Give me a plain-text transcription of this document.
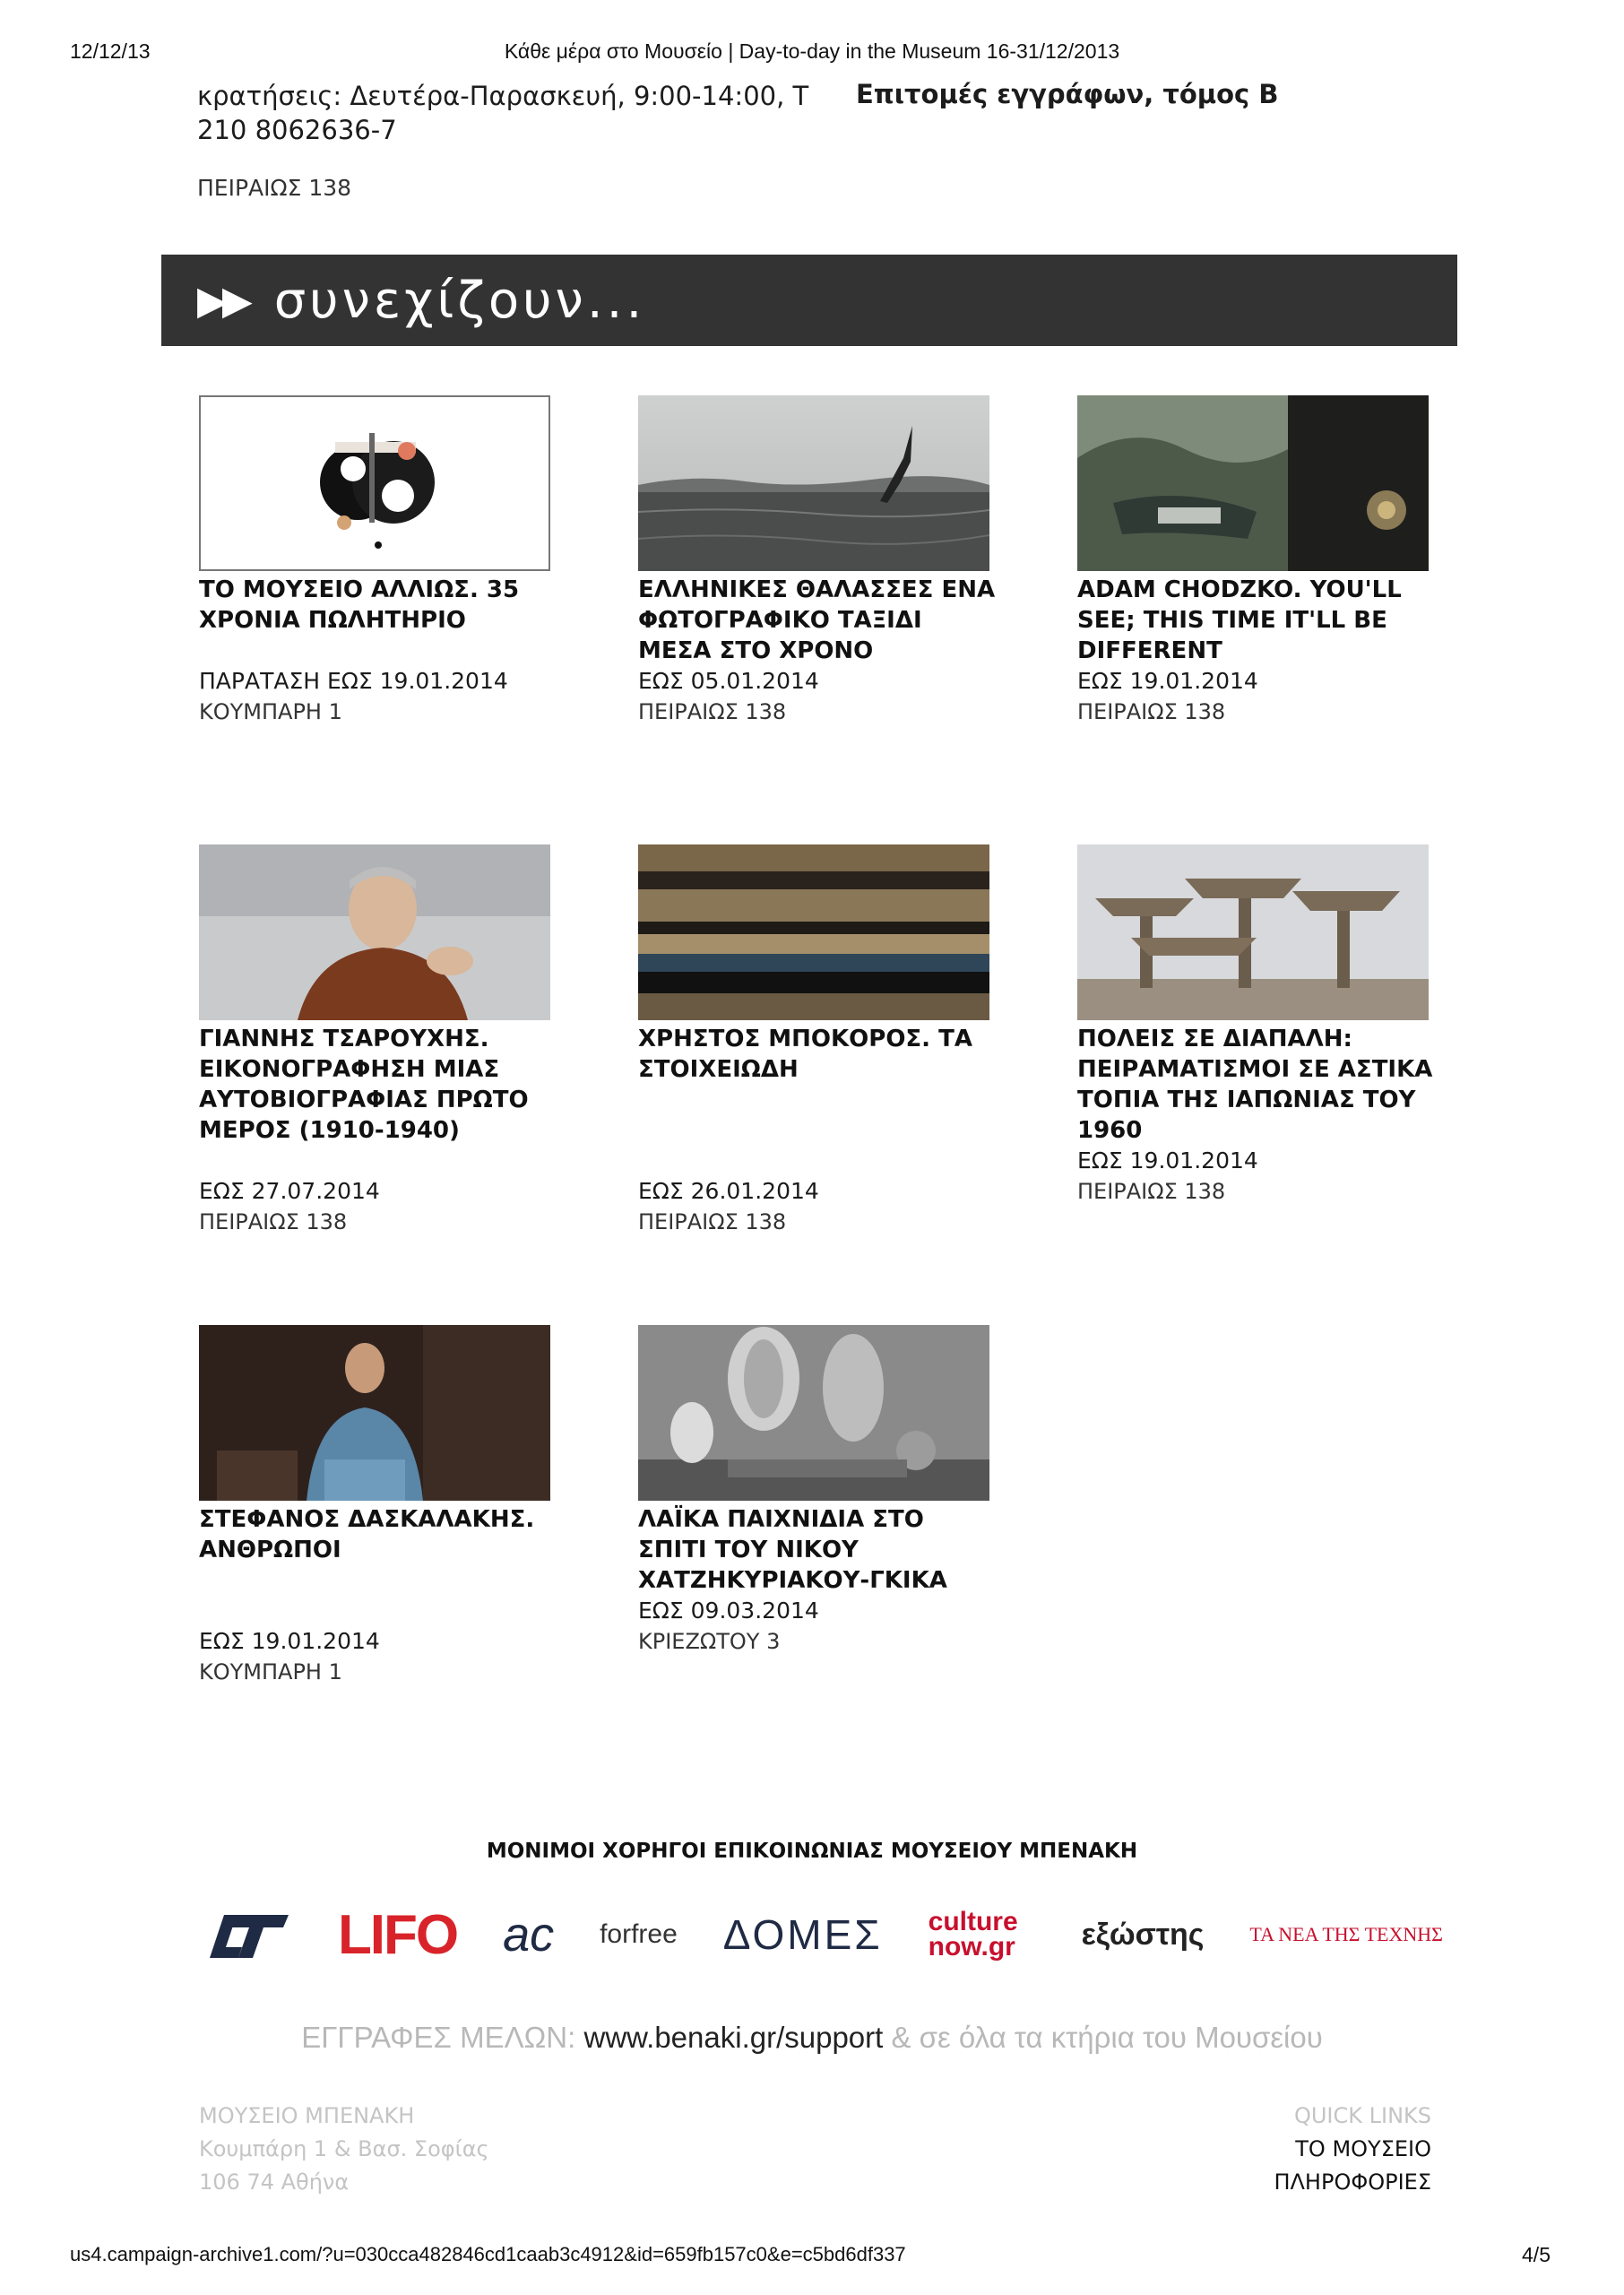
12/12/13	Κάθε μέρα στο Μουσείο | Day-to-day in the Museum 16-31/12/2013
us4.campaign-archive1.com/?u=030cca482846cd1caab3c4912&id=659fb157c0&e=c5bd6df337	4/5
κρατήσεις: Δευτέρα-Παρασκευή, 9:00-14:00, Τ
210 8062636-7
Επιτομές εγγράφων, τόμος Β
ΠΕΙΡΑΙΩΣ 138
▶▶ συνεχίζουν...
ΤΟ ΜΟΥΣΕΙΟ ΑΛΛΙΩΣ. 35 ΧΡΟΝΙΑ ΠΩΛΗΤΗΡΙΟ
ΠΑΡΑΤΑΣΗ ΕΩΣ 19.01.2014
ΚΟΥΜΠΑΡΗ 1
ΕΛΛΗΝΙΚΕΣ ΘΑΛΑΣΣΕΣ ΕΝΑ ΦΩΤΟΓΡΑΦΙΚΟ ΤΑΞΙΔΙ ΜΕΣΑ ΣΤΟ ΧΡΟΝΟ
ΕΩΣ 05.01.2014
ΠΕΙΡΑΙΩΣ 138
ADAM CHODZKO. YOU'LL SEE; THIS TIME IT'LL BE DIFFERENT
ΕΩΣ 19.01.2014
ΠΕΙΡΑΙΩΣ 138
ΓΙΑΝΝΗΣ ΤΣΑΡΟΥΧΗΣ. ΕΙΚΟΝΟΓΡΑΦΗΣΗ ΜΙΑΣ ΑΥΤΟΒΙΟΓΡΑΦΙΑΣ ΠΡΩΤΟ ΜΕΡΟΣ (1910-1940)
ΕΩΣ 27.07.2014
ΠΕΙΡΑΙΩΣ 138
ΧΡΗΣΤΟΣ ΜΠΟΚΟΡΟΣ. ΤΑ ΣΤΟΙΧΕΙΩΔΗ
ΕΩΣ 26.01.2014
ΠΕΙΡΑΙΩΣ 138
ΠΟΛΕΙΣ ΣΕ ΔΙΑΠΑΛΗ: ΠΕΙΡΑΜΑΤΙΣΜΟΙ ΣΕ ΑΣΤΙΚΑ ΤΟΠΙΑ ΤΗΣ ΙΑΠΩΝΙΑΣ ΤΟΥ 1960
ΕΩΣ 19.01.2014
ΠΕΙΡΑΙΩΣ 138
ΣΤΕΦΑΝΟΣ ΔΑΣΚΑΛΑΚΗΣ. ΑΝΘΡΩΠΟΙ
ΕΩΣ 19.01.2014
ΚΟΥΜΠΑΡΗ 1
ΛΑΪΚΑ ΠΑΙΧΝΙΔΙΑ ΣΤΟ ΣΠΙΤΙ ΤΟΥ ΝΙΚΟΥ ΧΑΤΖΗΚΥΡΙΑΚΟΥ-ΓΚΙΚΑ
ΕΩΣ 09.03.2014
ΚΡΙΕΖΩΤΟΥ 3
ΜΟΝΙΜΟΙ ΧΟΡΗΓΟΙ ΕΠΙΚΟΙΝΩΝΙΑΣ ΜΟΥΣΕΙΟΥ ΜΠΕΝΑΚΗ
LIFO ac forfree ΔΟΜΕΣ culture now.gr	εξώστης ΤΑ ΝΕΑ ΤΗΣ ΤΕΧΝΗΣ
ΕΓΓΡΑΦΕΣ ΜΕΛΩΝ: www.benaki.gr/support & σε όλα τα κτήρια του Μουσείου
ΜΟΥΣΕΙΟ ΜΠΕΝΑΚΗ
Κουμπάρη 1 & Βασ. Σοφίας
106 74 Αθήνα
QUICK LINKS
ΤΟ ΜΟΥΣΕΙΟ
ΠΛΗΡΟΦΟΡΙΕΣ
